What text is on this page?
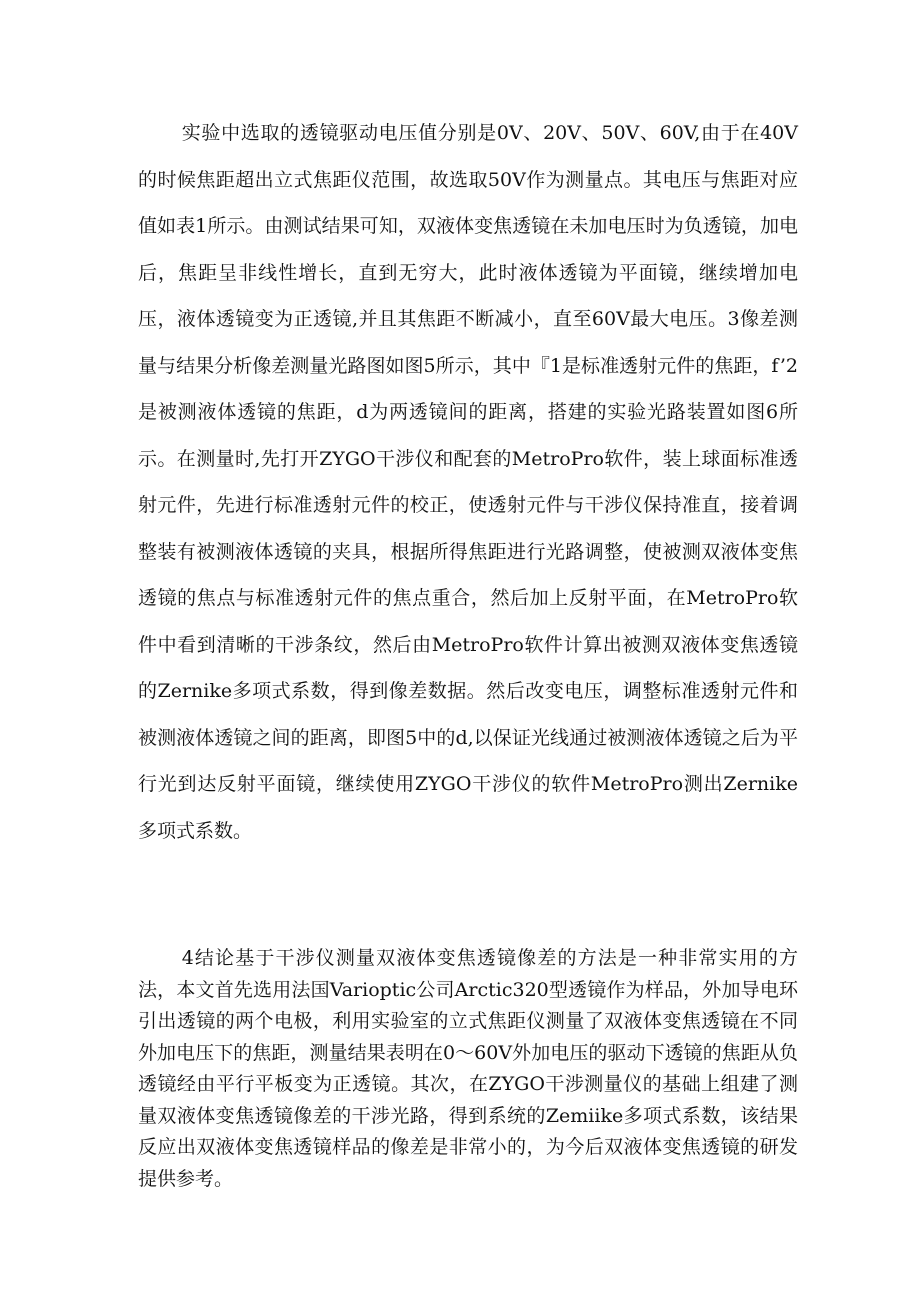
实验中选取的透镜驱动电压值分别是0V、20V、50V、60V,由于在40V的时候焦距超出立式焦距仪范围，故选取50V作为测量点。其电压与焦距对应值如表1所示。由测试结果可知，双液体变焦透镜在未加电压时为负透镜，加电后，焦距呈非线性增长，直到无穷大，此时液体透镜为平面镜，继续增加电压，液体透镜变为正透镜,并且其焦距不断减小，直至60V最大电压。3像差测量与结果分析像差测量光路图如图5所示，其中『1是标准透射元件的焦距，f’2是被测液体透镜的焦距，d为两透镜间的距离，搭建的实验光路装置如图6所示。在测量时,先打开ZYGO干涉仪和配套的MetroPro软件，装上球面标准透射元件，先进行标准透射元件的校正，使透射元件与干涉仪保持准直，接着调整装有被测液体透镜的夹具，根据所得焦距进行光路调整，使被测双液体变焦透镜的焦点与标准透射元件的焦点重合，然后加上反射平面，在MetroPro软件中看到清晰的干涉条纹，然后由MetroPro软件计算出被测双液体变焦透镜的Zernike多项式系数，得到像差数据。然后改变电压，调整标准透射元件和被测液体透镜之间的距离，即图5中的d,以保证光线通过被测液体透镜之后为平行光到达反射平面镜，继续使用ZYGO干涉仪的软件MetroPro测出Zernike多项式系数。

4结论基于干涉仪测量双液体变焦透镜像差的方法是一种非常实用的方法，本文首先选用法国Varioptic公司Arctic320型透镜作为样品，外加导电环引出透镜的两个电极，利用实验室的立式焦距仪测量了双液体变焦透镜在不同外加电压下的焦距，测量结果表明在0～60V外加电压的驱动下透镜的焦距从负透镜经由平行平板变为正透镜。其次，在ZYGO干涉测量仪的基础上组建了测量双液体变焦透镜像差的干涉光路，得到系统的Zemiike多项式系数，该结果反应出双液体变焦透镜样品的像差是非常小的，为今后双液体变焦透镜的研发提供参考。
